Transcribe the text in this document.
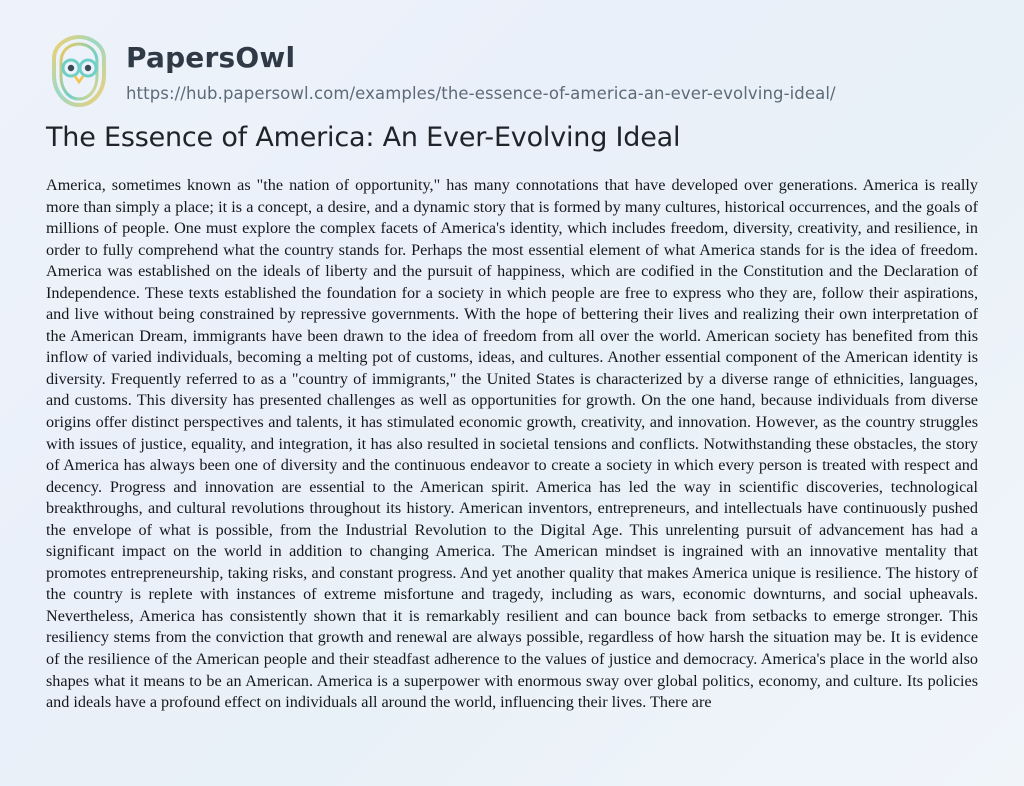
PapersOwl
https://hub.papersowl.com/examples/the-essence-of-america-an-ever-evolving-ideal/
The Essence of America: An Ever-Evolving Ideal
America, sometimes known as "the nation of opportunity," has many connotations that have developed over generations. America is really more than simply a place; it is a concept, a desire, and a dynamic story that is formed by many cultures, historical occurrences, and the goals of millions of people. One must explore the complex facets of America's identity, which includes freedom, diversity, creativity, and resilience, in order to fully comprehend what the country stands for. Perhaps the most essential element of what America stands for is the idea of freedom. America was established on the ideals of liberty and the pursuit of happiness, which are codified in the Constitution and the Declaration of Independence. These texts established the foundation for a society in which people are free to express who they are, follow their aspirations, and live without being constrained by repressive governments. With the hope of bettering their lives and realizing their own interpretation of the American Dream, immigrants have been drawn to the idea of freedom from all over the world. American society has benefited from this inflow of varied individuals, becoming a melting pot of customs, ideas, and cultures. Another essential component of the American identity is diversity. Frequently referred to as a "country of immigrants," the United States is characterized by a diverse range of ethnicities, languages, and customs. This diversity has presented challenges as well as opportunities for growth. On the one hand, because individuals from diverse origins offer distinct perspectives and talents, it has stimulated economic growth, creativity, and innovation. However, as the country struggles with issues of justice, equality, and integration, it has also resulted in societal tensions and conflicts. Notwithstanding these obstacles, the story of America has always been one of diversity and the continuous endeavor to create a society in which every person is treated with respect and decency. Progress and innovation are essential to the American spirit. America has led the way in scientific discoveries, technological breakthroughs, and cultural revolutions throughout its history. American inventors, entrepreneurs, and intellectuals have continuously pushed the envelope of what is possible, from the Industrial Revolution to the Digital Age. This unrelenting pursuit of advancement has had a significant impact on the world in addition to changing America. The American mindset is ingrained with an innovative mentality that promotes entrepreneurship, taking risks, and constant progress. And yet another quality that makes America unique is resilience. The history of the country is replete with instances of extreme misfortune and tragedy, including as wars, economic downturns, and social upheavals. Nevertheless, America has consistently shown that it is remarkably resilient and can bounce back from setbacks to emerge stronger. This resiliency stems from the conviction that growth and renewal are always possible, regardless of how harsh the situation may be. It is evidence of the resilience of the American people and their steadfast adherence to the values of justice and democracy. America's place in the world also shapes what it means to be an American. America is a superpower with enormous sway over global politics, economy, and culture. Its policies and ideals have a profound effect on individuals all around the world, influencing their lives. There are
